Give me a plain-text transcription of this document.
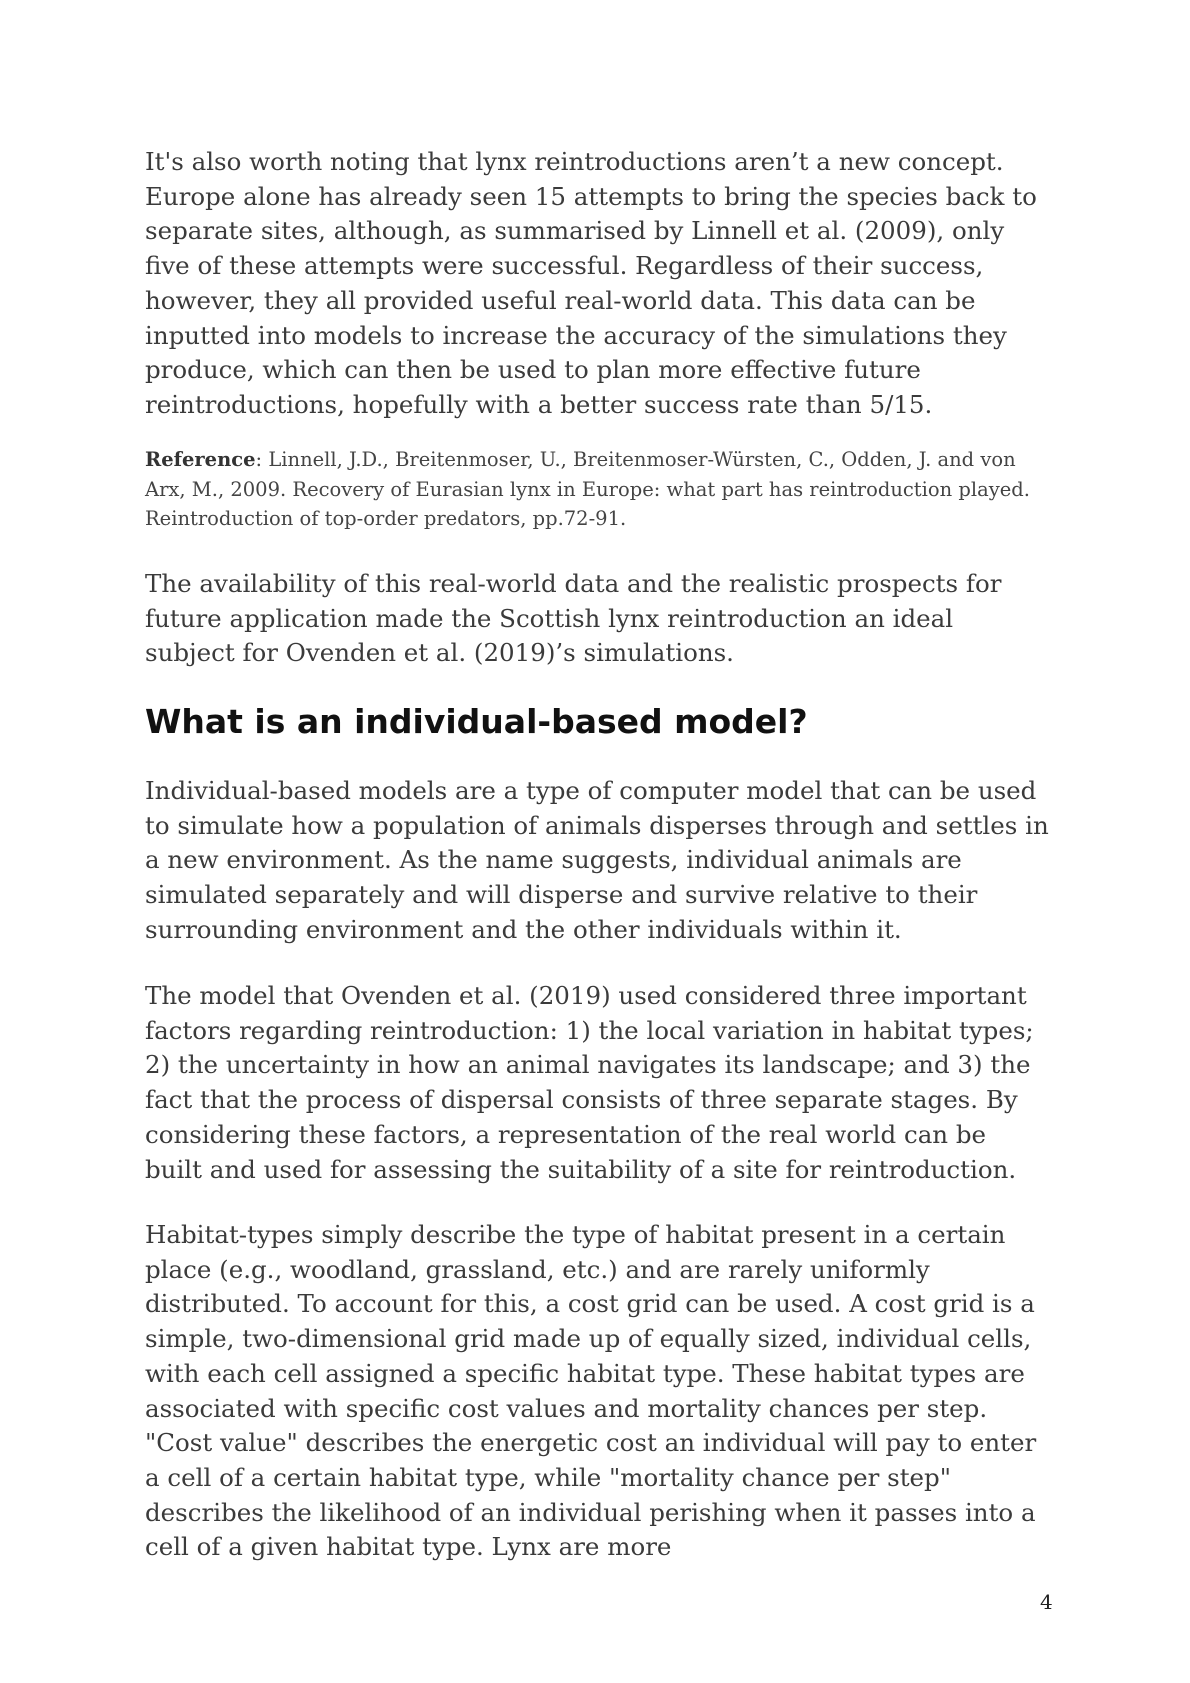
It's also worth noting that lynx reintroductions aren’t a new concept. Europe alone has already seen 15 attempts to bring the species back to separate sites, although, as summarised by Linnell et al. (2009), only five of these attempts were successful. Regardless of their success, however, they all provided useful real-world data. This data can be inputted into models to increase the accuracy of the simulations they produce, which can then be used to plan more effective future reintroductions, hopefully with a better success rate than 5/15.

Reference: Linnell, J.D., Breitenmoser, U., Breitenmoser-Würsten, C., Odden, J. and von Arx, M., 2009. Recovery of Eurasian lynx in Europe: what part has reintroduction played. Reintroduction of top-order predators, pp.72-91.

The availability of this real-world data and the realistic prospects for future application made the Scottish lynx reintroduction an ideal subject for Ovenden et al. (2019)’s simulations.

What is an individual-based model?

Individual-based models are a type of computer model that can be used to simulate how a population of animals disperses through and settles in a new environment. As the name suggests, individual animals are simulated separately and will disperse and survive relative to their surrounding environment and the other individuals within it.

The model that Ovenden et al. (2019) used considered three important factors regarding reintroduction: 1) the local variation in habitat types; 2) the uncertainty in how an animal navigates its landscape; and 3) the fact that the process of dispersal consists of three separate stages. By considering these factors, a representation of the real world can be built and used for assessing the suitability of a site for reintroduction.

Habitat-types simply describe the type of habitat present in a certain place (e.g., woodland, grassland, etc.) and are rarely uniformly distributed. To account for this, a cost grid can be used. A cost grid is a simple, two-dimensional grid made up of equally sized, individual cells, with each cell assigned a specific habitat type. These habitat types are associated with specific cost values and mortality chances per step. "Cost value" describes the energetic cost an individual will pay to enter a cell of a certain habitat type, while "mortality chance per step" describes the likelihood of an individual perishing when it passes into a cell of a given habitat type. Lynx are more

4
